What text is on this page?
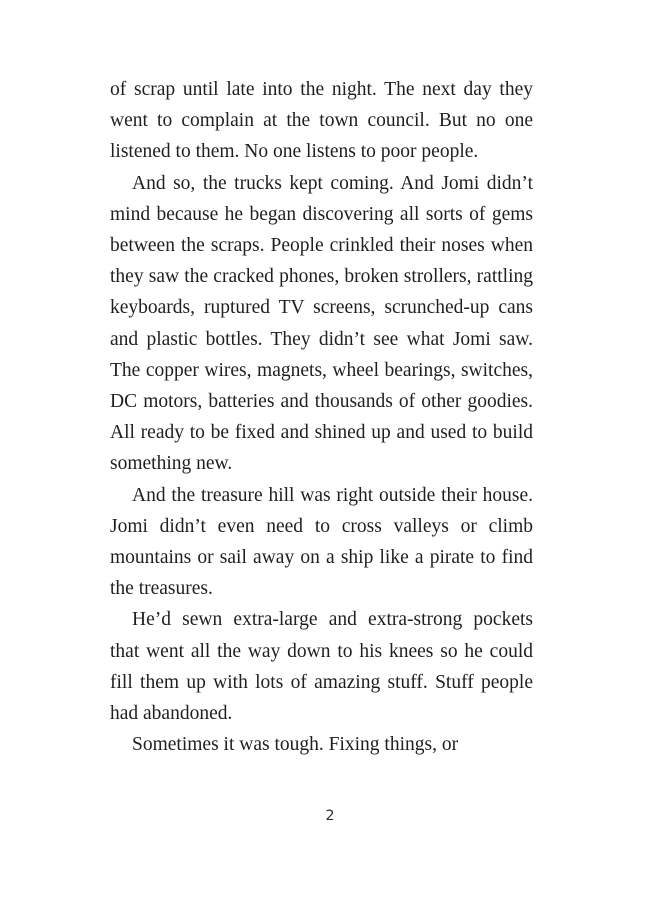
of scrap until late into the night. The next day they went to complain at the town council. But no one listened to them. No one listens to poor people.

And so, the trucks kept coming. And Jomi didn’t mind because he began discovering all sorts of gems between the scraps. People crinkled their noses when they saw the cracked phones, broken strollers, rattling keyboards, ruptured TV screens, scrunched-up cans and plastic bottles. They didn’t see what Jomi saw. The copper wires, magnets, wheel bearings, switches, DC motors, batteries and thousands of other goodies. All ready to be fixed and shined up and used to build something new.

And the treasure hill was right outside their house. Jomi didn’t even need to cross valleys or climb mountains or sail away on a ship like a pirate to find the treasures.

He’d sewn extra-large and extra-strong pockets that went all the way down to his knees so he could fill them up with lots of amazing stuff. Stuff people had abandoned.

Sometimes it was tough. Fixing things, or

2
